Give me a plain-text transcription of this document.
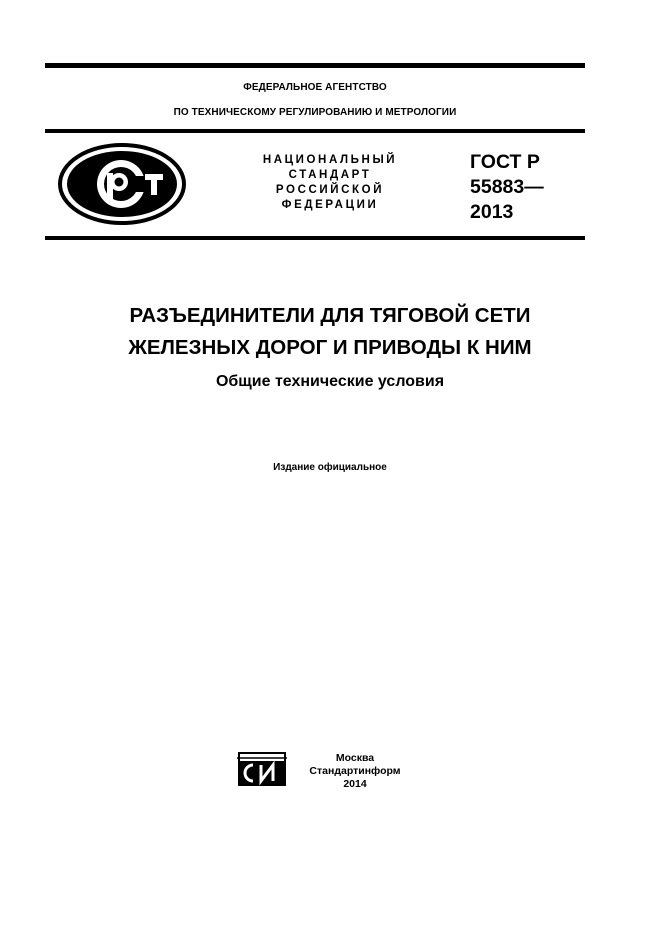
ФЕДЕРАЛЬНОЕ АГЕНТСТВО
ПО ТЕХНИЧЕСКОМУ РЕГУЛИРОВАНИЮ И МЕТРОЛОГИИ
НАЦИОНАЛЬНЫЙ
СТАНДАРТ
РОССИЙСКОЙ
ФЕДЕРАЦИИ
ГОСТ Р
55883—
2013
РАЗЪЕДИНИТЕЛИ ДЛЯ ТЯГОВОЙ СЕТИ
ЖЕЛЕЗНЫХ ДОРОГ И ПРИВОДЫ К НИМ
Общие технические условия
Издание официальное
Москва
Стандартинформ
2014
